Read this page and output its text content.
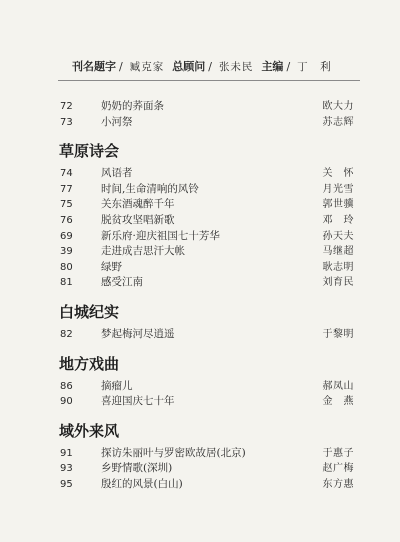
刊名题字 / 臧克家 总顾问 / 张未民 主编 / 丁　利
72	奶奶的荞面条	欧大力
73	小河祭	苏志辉
草原诗会
74	风语者	关　怀
77	时间,生命清响的风铃	月光雪
75	关东酒魂醉千年	郭世骥
76	脱贫攻坚唱新歌	邓　玲
69	新乐府·迎庆祖国七十芳华	孙天夫
39	走进成吉思汗大帐	马继超
80	绿野	耿志明
81	感受江南	刘育民
白城纪实
82	梦起梅河尽逍遥	于黎明
地方戏曲
86	摘瘤儿	郝凤山
90	喜迎国庆七十年	金　燕
域外来风
91	探访朱丽叶与罗密欧故居(北京)	于惠子
93	乡野情歌(深圳)	赵广梅
95	殷红的风景(白山)	东方惠
